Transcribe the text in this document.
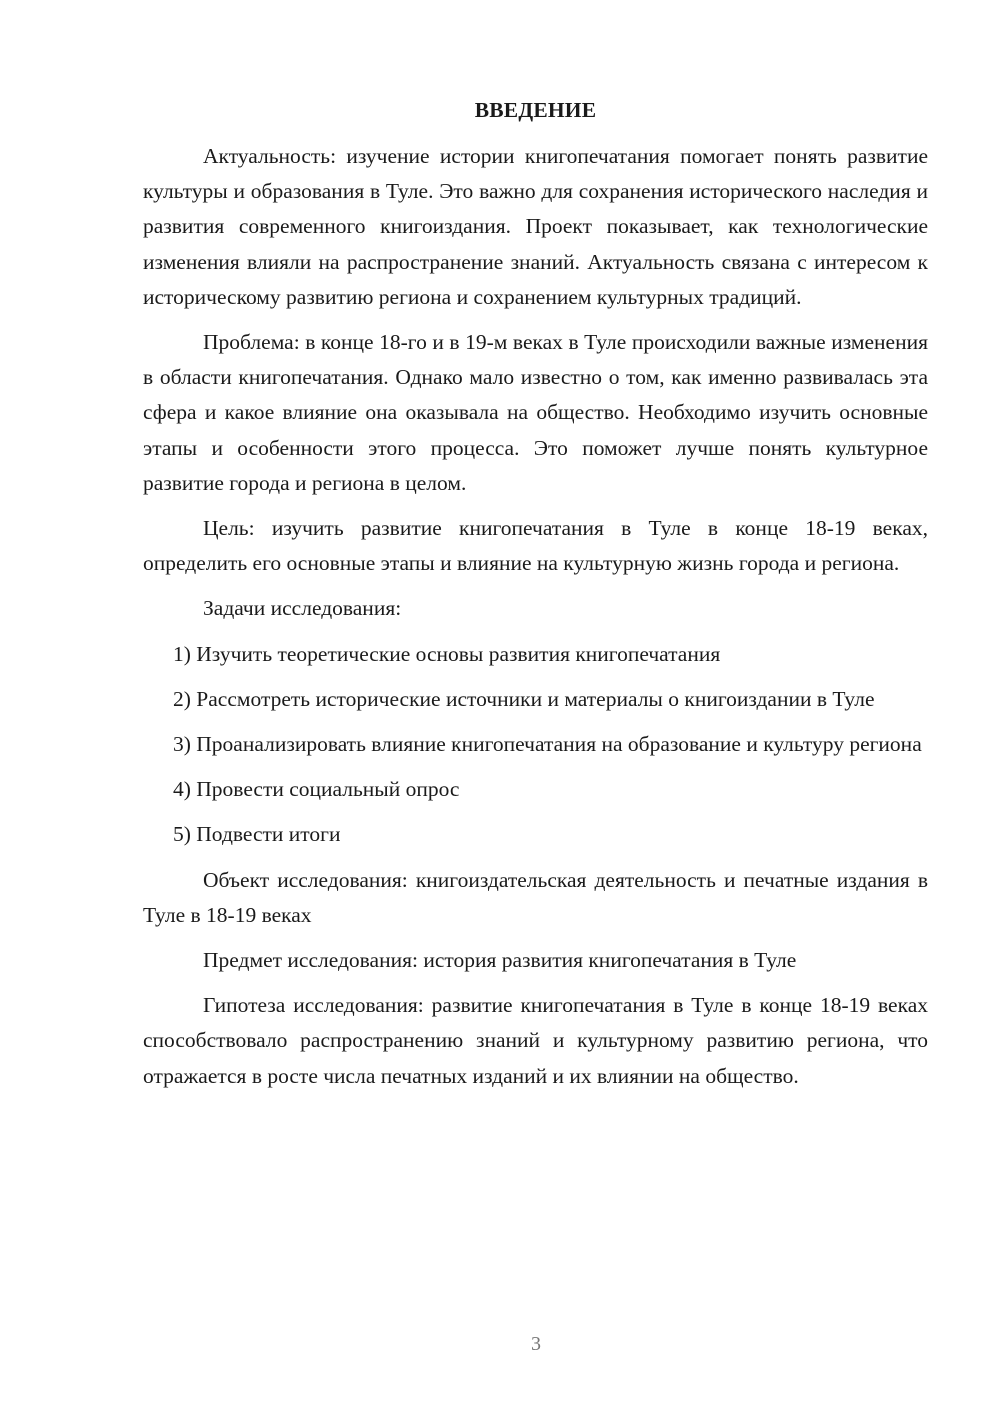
ВВЕДЕНИЕ

Актуальность: изучение истории книгопечатания помогает понять развитие культуры и образования в Туле. Это важно для сохранения исторического наследия и развития современного книгоиздания. Проект показывает, как технологические изменения влияли на распространение знаний. Актуальность связана с интересом к историческому развитию региона и сохранением культурных традиций.

Проблема: в конце 18-го и в 19-м веках в Туле происходили важные изменения в области книгопечатания. Однако мало известно о том, как именно развивалась эта сфера и какое влияние она оказывала на общество. Необходимо изучить основные этапы и особенности этого процесса. Это поможет лучше понять культурное развитие города и региона в целом.

Цель: изучить развитие книгопечатания в Туле в конце 18-19 веках, определить его основные этапы и влияние на культурную жизнь города и региона.

Задачи исследования:

1) Изучить теоретические основы развития книгопечатания

2) Рассмотреть исторические источники и материалы о книгоиздании в Туле

3) Проанализировать влияние книгопечатания на образование и культуру региона

4) Провести социальный опрос

5) Подвести итоги

Объект исследования: книгоиздательская деятельность и печатные издания в Туле в 18-19 веках

Предмет исследования: история развития книгопечатания в Туле

Гипотеза исследования: развитие книгопечатания в Туле в конце 18-19 веках способствовало распространению знаний и культурному развитию региона, что отражается в росте числа печатных изданий и их влиянии на общество.

3
